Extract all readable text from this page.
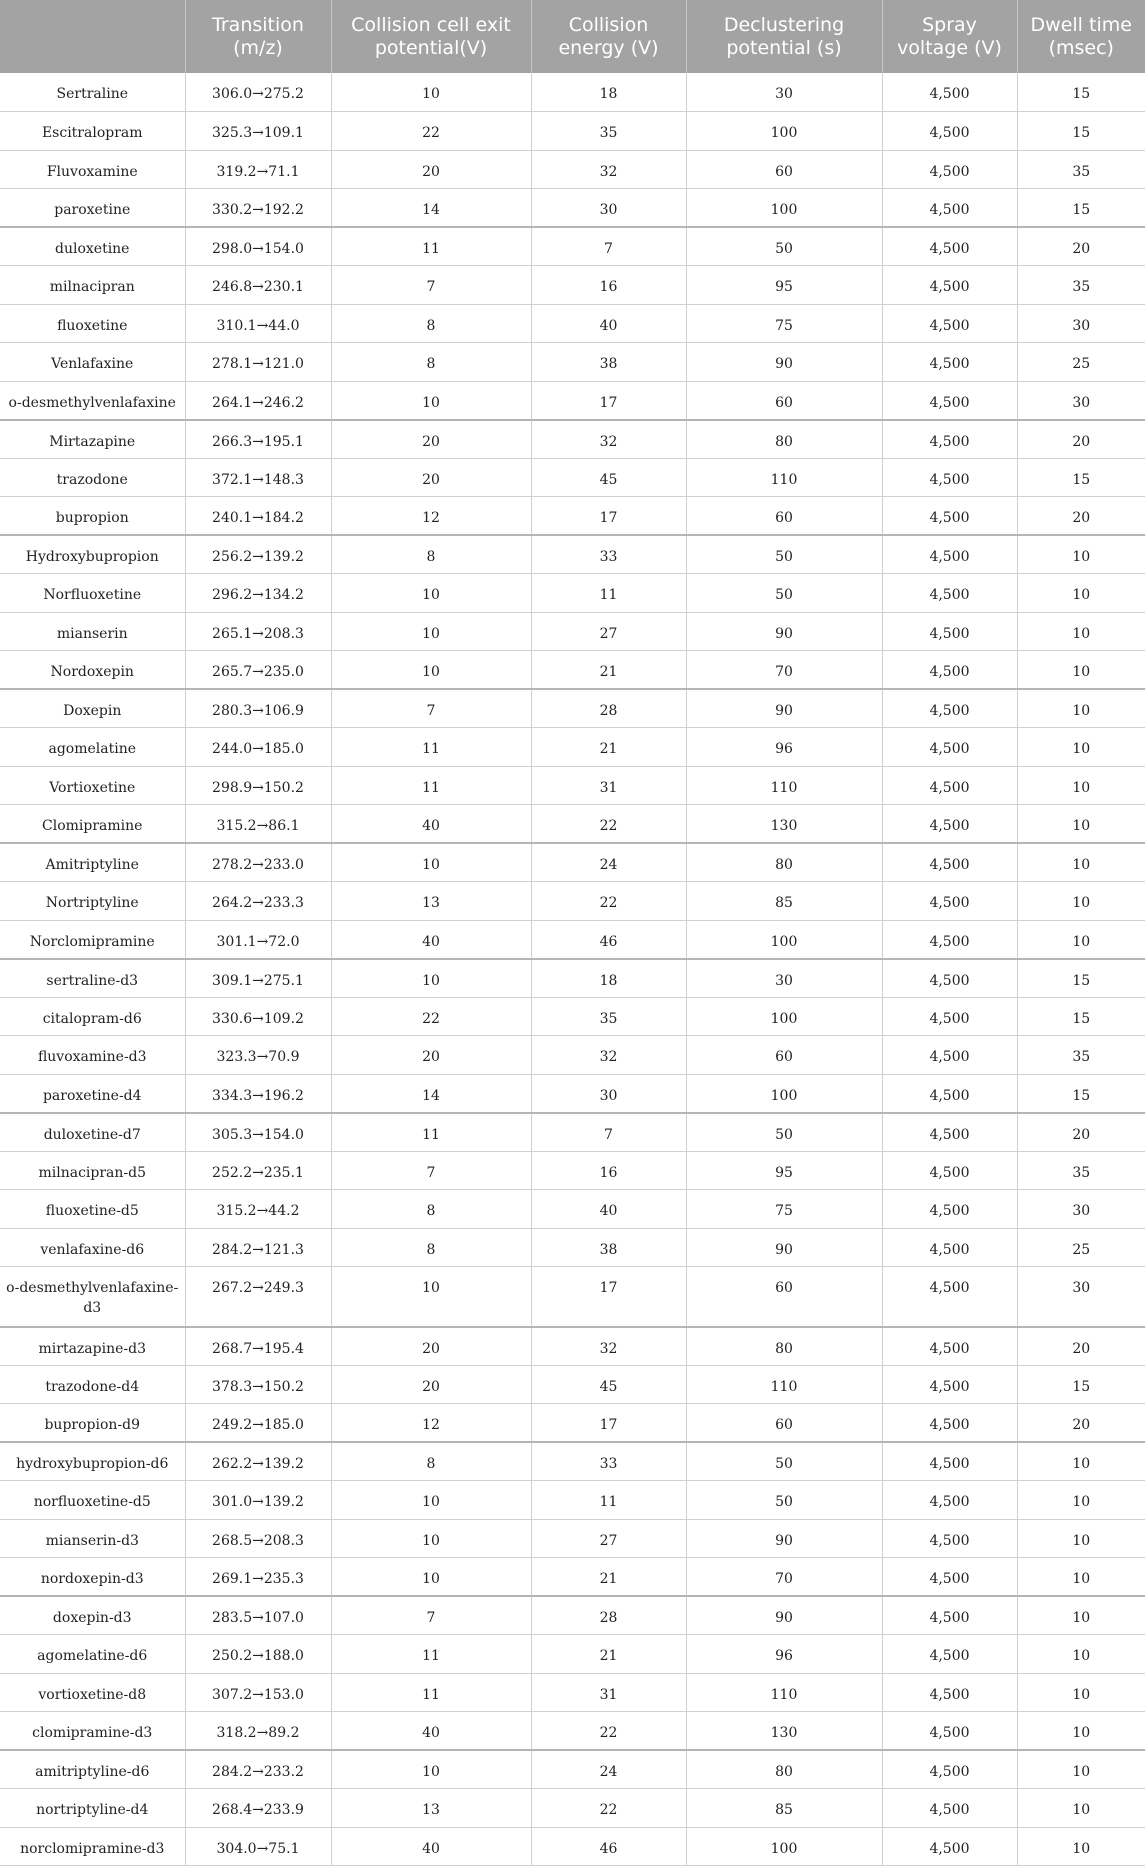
	Transition (m/z)	Collision cell exit potential(V)	Collision energy (V)	Declustering potential (s)	Spray voltage (V)	Dwell time (msec)
Sertraline	306.0→275.2	10	18	30	4,500	15
Escitralopram	325.3→109.1	22	35	100	4,500	15
Fluvoxamine	319.2→71.1	20	32	60	4,500	35
paroxetine	330.2→192.2	14	30	100	4,500	15
duloxetine	298.0→154.0	11	7	50	4,500	20
milnacipran	246.8→230.1	7	16	95	4,500	35
fluoxetine	310.1→44.0	8	40	75	4,500	30
Venlafaxine	278.1→121.0	8	38	90	4,500	25
o-desmethylvenlafaxine	264.1→246.2	10	17	60	4,500	30
Mirtazapine	266.3→195.1	20	32	80	4,500	20
trazodone	372.1→148.3	20	45	110	4,500	15
bupropion	240.1→184.2	12	17	60	4,500	20
Hydroxybupropion	256.2→139.2	8	33	50	4,500	10
Norfluoxetine	296.2→134.2	10	11	50	4,500	10
mianserin	265.1→208.3	10	27	90	4,500	10
Nordoxepin	265.7→235.0	10	21	70	4,500	10
Doxepin	280.3→106.9	7	28	90	4,500	10
agomelatine	244.0→185.0	11	21	96	4,500	10
Vortioxetine	298.9→150.2	11	31	110	4,500	10
Clomipramine	315.2→86.1	40	22	130	4,500	10
Amitriptyline	278.2→233.0	10	24	80	4,500	10
Nortriptyline	264.2→233.3	13	22	85	4,500	10
Norclomipramine	301.1→72.0	40	46	100	4,500	10
sertraline-d3	309.1→275.1	10	18	30	4,500	15
citalopram-d6	330.6→109.2	22	35	100	4,500	15
fluvoxamine-d3	323.3→70.9	20	32	60	4,500	35
paroxetine-d4	334.3→196.2	14	30	100	4,500	15
duloxetine-d7	305.3→154.0	11	7	50	4,500	20
milnacipran-d5	252.2→235.1	7	16	95	4,500	35
fluoxetine-d5	315.2→44.2	8	40	75	4,500	30
venlafaxine-d6	284.2→121.3	8	38	90	4,500	25
o-desmethylvenlafaxine-d3	267.2→249.3	10	17	60	4,500	30
mirtazapine-d3	268.7→195.4	20	32	80	4,500	20
trazodone-d4	378.3→150.2	20	45	110	4,500	15
bupropion-d9	249.2→185.0	12	17	60	4,500	20
hydroxybupropion-d6	262.2→139.2	8	33	50	4,500	10
norfluoxetine-d5	301.0→139.2	10	11	50	4,500	10
mianserin-d3	268.5→208.3	10	27	90	4,500	10
nordoxepin-d3	269.1→235.3	10	21	70	4,500	10
doxepin-d3	283.5→107.0	7	28	90	4,500	10
agomelatine-d6	250.2→188.0	11	21	96	4,500	10
vortioxetine-d8	307.2→153.0	11	31	110	4,500	10
clomipramine-d3	318.2→89.2	40	22	130	4,500	10
amitriptyline-d6	284.2→233.2	10	24	80	4,500	10
nortriptyline-d4	268.4→233.9	13	22	85	4,500	10
norclomipramine-d3	304.0→75.1	40	46	100	4,500	10
